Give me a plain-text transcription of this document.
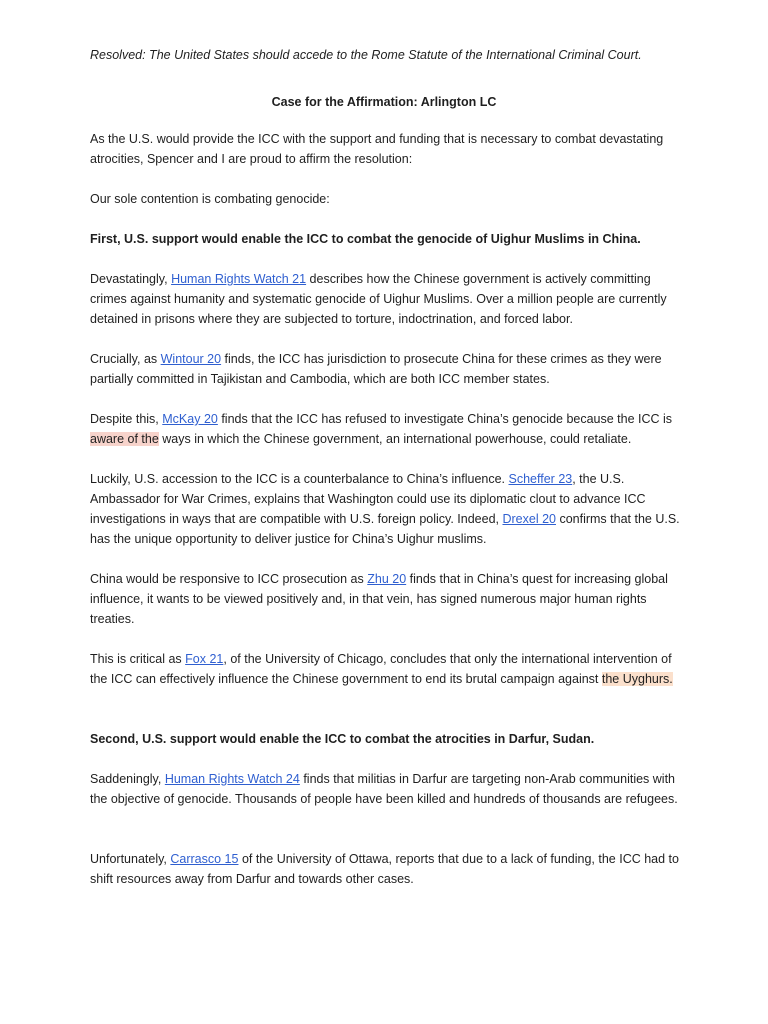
Resolved: The United States should accede to the Rome Statute of the International Criminal Court.

Case for the Affirmation: Arlington LC

As the U.S. would provide the ICC with the support and funding that is necessary to combat devastating atrocities, Spencer and I are proud to affirm the resolution:

Our sole contention is combating genocide:

First, U.S. support would enable the ICC to combat the genocide of Uighur Muslims in China.

Devastatingly, Human Rights Watch 21 describes how the Chinese government is actively committing crimes against humanity and systematic genocide of Uighur Muslims. Over a million people are currently detained in prisons where they are subjected to torture, indoctrination, and forced labor.

Crucially, as Wintour 20 finds, the ICC has jurisdiction to prosecute China for these crimes as they were partially committed in Tajikistan and Cambodia, which are both ICC member states.

Despite this, McKay 20 finds that the ICC has refused to investigate China’s genocide because the ICC is aware of the ways in which the Chinese government, an international powerhouse, could retaliate.

Luckily, U.S. accession to the ICC is a counterbalance to China’s influence. Scheffer 23, the U.S. Ambassador for War Crimes, explains that Washington could use its diplomatic clout to advance ICC investigations in ways that are compatible with U.S. foreign policy. Indeed, Drexel 20 confirms that the U.S. has the unique opportunity to deliver justice for China’s Uighur muslims.

China would be responsive to ICC prosecution as Zhu 20 finds that in China’s quest for increasing global influence, it wants to be viewed positively and, in that vein, has signed numerous major human rights treaties.

This is critical as Fox 21, of the University of Chicago, concludes that only the international intervention of the ICC can effectively influence the Chinese government to end its brutal campaign against the Uyghurs.

Second, U.S. support would enable the ICC to combat the atrocities in Darfur, Sudan.

Saddeningly, Human Rights Watch 24 finds that militias in Darfur are targeting non-Arab communities with the objective of genocide. Thousands of people have been killed and hundreds of thousands are refugees.

Unfortunately, Carrasco 15 of the University of Ottawa, reports that due to a lack of funding, the ICC had to shift resources away from Darfur and towards other cases.
